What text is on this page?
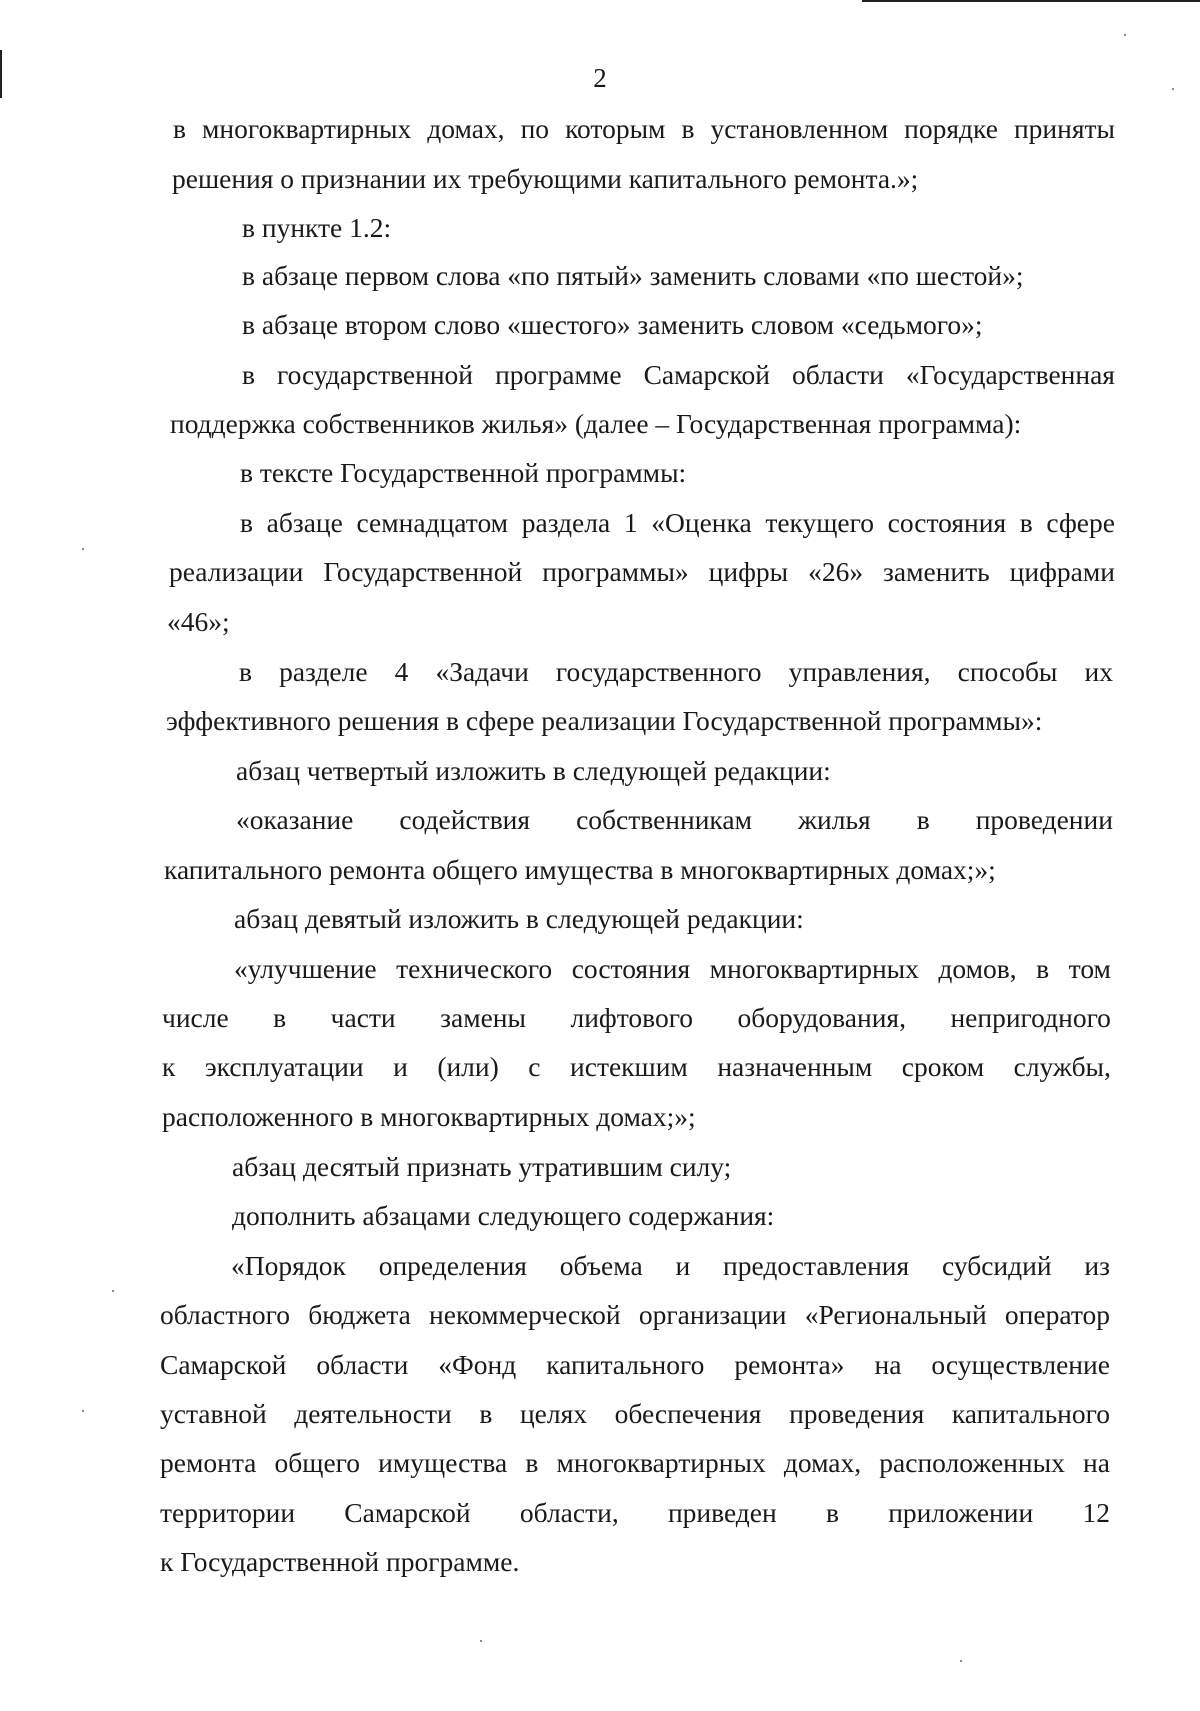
2
в многоквартирных домах, по которым в установленном порядке приняты
решения о признании их требующими капитального ремонта.»;
в пункте 1.2:
в абзаце первом слова «по пятый» заменить словами «по шестой»;
в абзаце втором слово «шестого» заменить словом «седьмого»;
в государственной программе Самарской области «Государственная
поддержка собственников жилья» (далее – Государственная программа):
в тексте Государственной программы:
в абзаце семнадцатом раздела 1 «Оценка текущего состояния в сфере
реализации Государственной программы» цифры «26» заменить цифрами
«46»;
в разделе 4 «Задачи государственного управления, способы их
эффективного решения в сфере реализации Государственной программы»:
абзац четвертый изложить в следующей редакции:
«оказание содействия собственникам жилья в проведении
капитального ремонта общего имущества в многоквартирных домах;»;
абзац девятый изложить в следующей редакции:
«улучшение технического состояния многоквартирных домов, в том
числе в части замены лифтового оборудования, непригодного
к эксплуатации и (или) с истекшим назначенным сроком службы,
расположенного в многоквартирных домах;»;
абзац десятый признать утратившим силу;
дополнить абзацами следующего содержания:
«Порядок определения объема и предоставления субсидий из
областного бюджета некоммерческой организации «Региональный оператор
Самарской области «Фонд капитального ремонта» на осуществление
уставной деятельности в целях обеспечения проведения капитального
ремонта общего имущества в многоквартирных домах, расположенных на
территории Самарской области, приведен в приложении 12
к Государственной программе.
